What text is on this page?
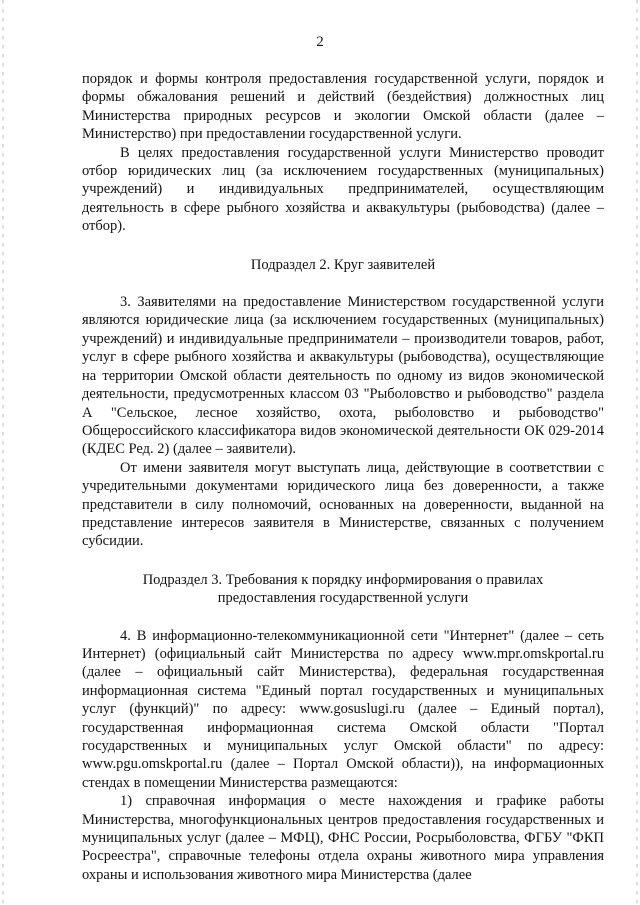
2

порядок и формы контроля предоставления государственной услуги, порядок и формы обжалования решений и действий (бездействия) должностных лиц Министерства природных ресурсов и экологии Омской области (далее – Министерство) при предоставлении государственной услуги.

В целях предоставления государственной услуги Министерство проводит отбор юридических лиц (за исключением государственных (муниципальных) учреждений) и индивидуальных предпринимателей, осуществляющим деятельность в сфере рыбного хозяйства и аквакультуры (рыбоводства) (далее – отбор).

Подраздел 2. Круг заявителей

3. Заявителями на предоставление Министерством государственной услуги являются юридические лица (за исключением государственных (муниципальных) учреждений) и индивидуальные предприниматели – производители товаров, работ, услуг в сфере рыбного хозяйства и аквакультуры (рыбоводства), осуществляющие на территории Омской области деятельность по одному из видов экономической деятельности, предусмотренных классом 03 "Рыболовство и рыбоводство" раздела А "Сельское, лесное хозяйство, охота, рыболовство и рыбоводство" Общероссийского классификатора видов экономической деятельности ОК 029-2014 (КДЕС Ред. 2) (далее – заявители).

От имени заявителя могут выступать лица, действующие в соответствии с учредительными документами юридического лица без доверенности, а также представители в силу полномочий, основанных на доверенности, выданной на представление интересов заявителя в Министерстве, связанных с получением субсидии.

Подраздел 3. Требования к порядку информирования о правилах
предоставления государственной услуги

4. В информационно-телекоммуникационной сети "Интернет" (далее – сеть Интернет) (официальный сайт Министерства по адресу www.mpr.omskportal.ru (далее – официальный сайт Министерства), федеральная государственная информационная система "Единый портал государственных и муниципальных услуг (функций)" по адресу: www.gosuslugi.ru (далее – Единый портал), государственная информационная система Омской области "Портал государственных и муниципальных услуг Омской области" по адресу: www.pgu.omskportal.ru (далее – Портал Омской области)), на информационных стендах в помещении Министерства размещаются:

1) справочная информация о месте нахождения и графике работы Министерства, многофункциональных центров предоставления государственных и муниципальных услуг (далее – МФЦ), ФНС России, Росрыболовства, ФГБУ "ФКП Росреестра", справочные телефоны отдела охраны животного мира управления охраны и использования животного мира Министерства (далее
